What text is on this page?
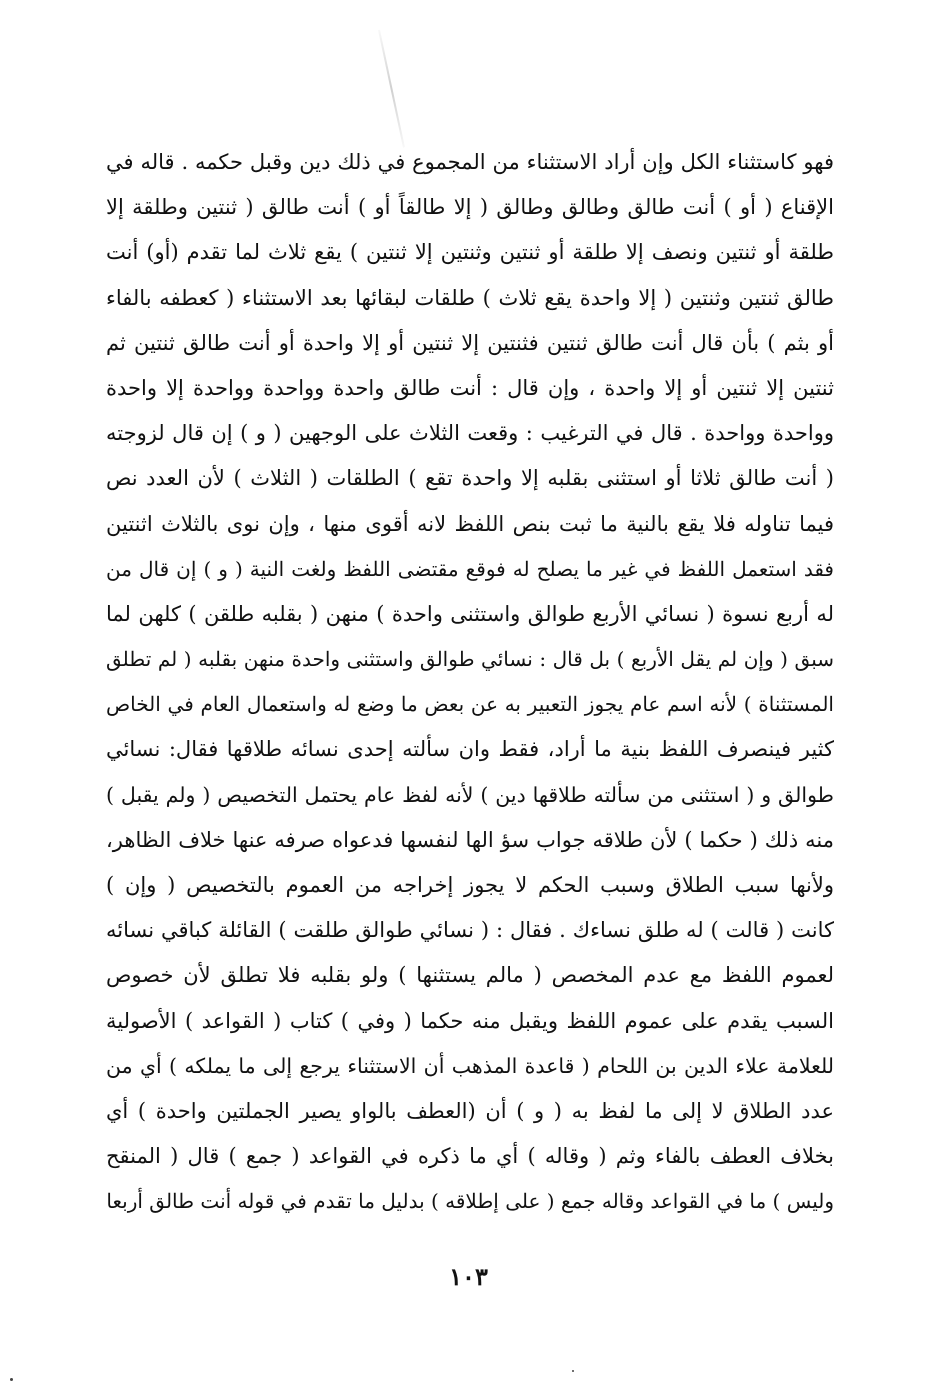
فهو كاستثناء الكل وإن أراد الاستثناء من المجموع في ذلك دين وقبل حكمه . قاله في
الإقناع ( أو ) أنت طالق وطالق وطالق ( إلا طالقاً أو ) أنت طالق ( ثنتين وطلقة إلا
طلقة أو ثنتين ونصف إلا طلقة أو ثنتين وثنتين إلا ثنتين ) يقع ثلاث لما تقدم (أو) أنت
طالق ثنتين وثنتين ( إلا واحدة يقع ثلاث ) طلقات لبقائها بعد الاستثناء ( كعطفه بالفاء
أو بثم ) بأن قال أنت طالق ثنتين فثنتين إلا ثنتين أو إلا واحدة أو أنت طالق ثنتين ثم
ثنتين إلا ثنتين أو إلا واحدة ، وإن قال : أنت طالق واحدة وواحدة وواحدة إلا واحدة
وواحدة وواحدة . قال في الترغيب : وقعت الثلاث على الوجهين ( و ) إن قال لزوجته
( أنت طالق ثلاثا أو استثنى بقلبه إلا واحدة تقع ) الطلقات ( الثلاث ) لأن العدد نص
فيما تناوله فلا يقع بالنية ما ثبت بنص اللفظ لانه أقوى منها ، وإن نوى بالثلاث اثنتين
فقد استعمل اللفظ في غير ما يصلح له فوقع مقتضى اللفظ ولغت النية ( و ) إن قال من
له أربع نسوة ( نسائي الأربع طوالق واستثنى واحدة ) منهن ( بقلبه طلقن ) كلهن لما
سبق ( وإن لم يقل الأربع ) بل قال : نسائي طوالق واستثنى واحدة منهن بقلبه ( لم تطلق
المستثناة ) لأنه اسم عام يجوز التعبير به عن بعض ما وضع له واستعمال العام في الخاص
كثير فينصرف اللفظ بنية ما أراد، فقط وان سألته إحدى نسائه طلاقها فقال: نسائي
طوالق و ( استثنى من سألته طلاقها دين ) لأنه لفظ عام يحتمل التخصيص ( ولم يقبل )
منه ذلك ( حكما ) لأن طلاقه جواب سؤ الها لنفسها فدعواه صرفه عنها خلاف الظاهر،
ولأنها سبب الطلاق وسبب الحكم لا يجوز إخراجه من العموم بالتخصيص ( وإن )
كانت ( قالت ) له طلق نساءك . فقال : ( نسائي طوالق طلقت ) القائلة كباقي نسائه
لعموم اللفظ مع عدم المخصص ( مالم يستثنها ) ولو بقلبه فلا تطلق لأن خصوص
السبب يقدم على عموم اللفظ ويقبل منه حكما ( وفي ) كتاب ( القواعد ) الأصولية
للعلامة علاء الدين بن اللحام ( قاعدة المذهب أن الاستثناء يرجع إلى ما يملكه ) أي من
عدد الطلاق لا إلى ما لفظ به ( و ) أن (العطف بالواو يصير الجملتين واحدة ) أي
بخلاف العطف بالفاء وثم ( وقاله ) أي ما ذكره في القواعد ( جمع ) قال ( المنقح
وليس ) ما في القواعد وقاله جمع ( على إطلاقه ) بدليل ما تقدم في قوله أنت طالق أربعا
١٠٣
